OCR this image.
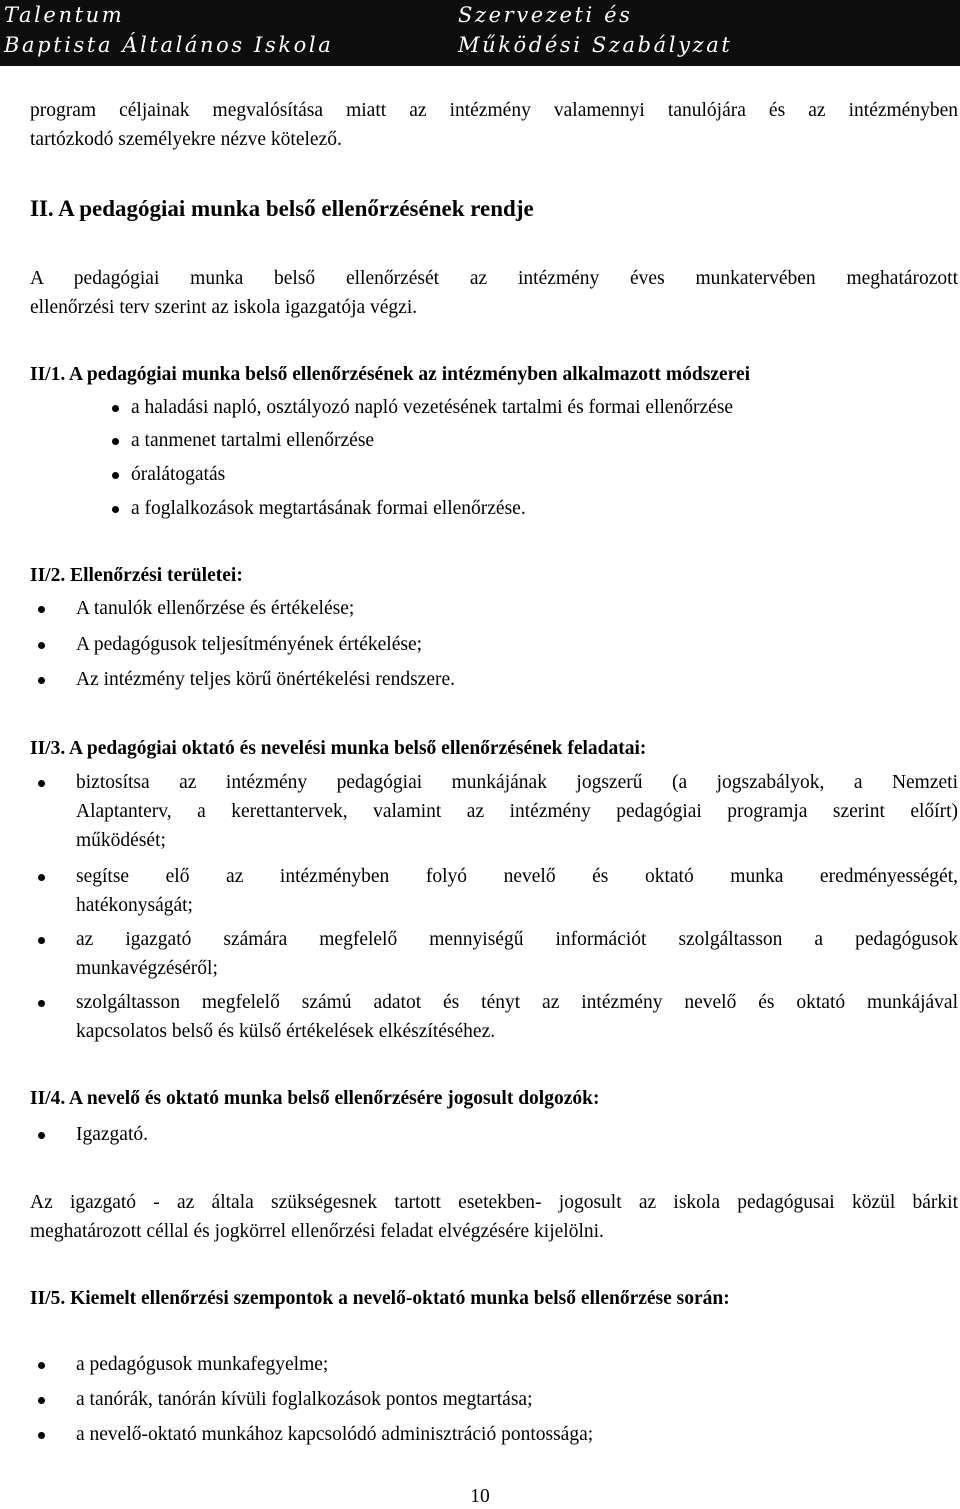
Talentum
Baptista Általános Iskola
Szervezeti és
Működési Szabályzat
program céljainak megvalósítása miatt az intézmény valamennyi tanulójára és az intézményben
tartózkodó személyekre nézve kötelező.
II. A pedagógiai munka belső ellenőrzésének rendje
A pedagógiai munka belső ellenőrzését az intézmény éves munkatervében meghatározott
ellenőrzési terv szerint az iskola igazgatója végzi.
II/1. A pedagógiai munka belső ellenőrzésének az intézményben alkalmazott módszerei
a haladási napló, osztályozó napló vezetésének tartalmi és formai ellenőrzése
a tanmenet tartalmi ellenőrzése
óralátogatás
a foglalkozások megtartásának formai ellenőrzése.
II/2. Ellenőrzési területei:
A tanulók ellenőrzése és értékelése;
A pedagógusok teljesítményének értékelése;
Az intézmény teljes körű önértékelési rendszere.
II/3. A pedagógiai oktató és nevelési munka belső ellenőrzésének feladatai:
biztosítsa az intézmény pedagógiai munkájának jogszerű (a jogszabályok, a Nemzeti
Alaptanterv, a kerettantervek, valamint az intézmény pedagógiai programja szerint előírt)
működését;
segítse elő az intézményben folyó nevelő és oktató munka eredményességét,
hatékonyságát;
az igazgató számára megfelelő mennyiségű információt szolgáltasson a pedagógusok
munkavégzéséről;
szolgáltasson megfelelő számú adatot és tényt az intézmény nevelő és oktató munkájával
kapcsolatos belső és külső értékelések elkészítéséhez.
II/4. A nevelő és oktató munka belső ellenőrzésére jogosult dolgozók:
Igazgató.
Az igazgató - az általa szükségesnek tartott esetekben- jogosult az iskola pedagógusai közül bárkit
meghatározott céllal és jogkörrel ellenőrzési feladat elvégzésére kijelölni.
II/5. Kiemelt ellenőrzési szempontok a nevelő-oktató munka belső ellenőrzése során:
a pedagógusok munkafegyelme;
a tanórák, tanórán kívüli foglalkozások pontos megtartása;
a nevelő-oktató munkához kapcsolódó adminisztráció pontossága;
10
